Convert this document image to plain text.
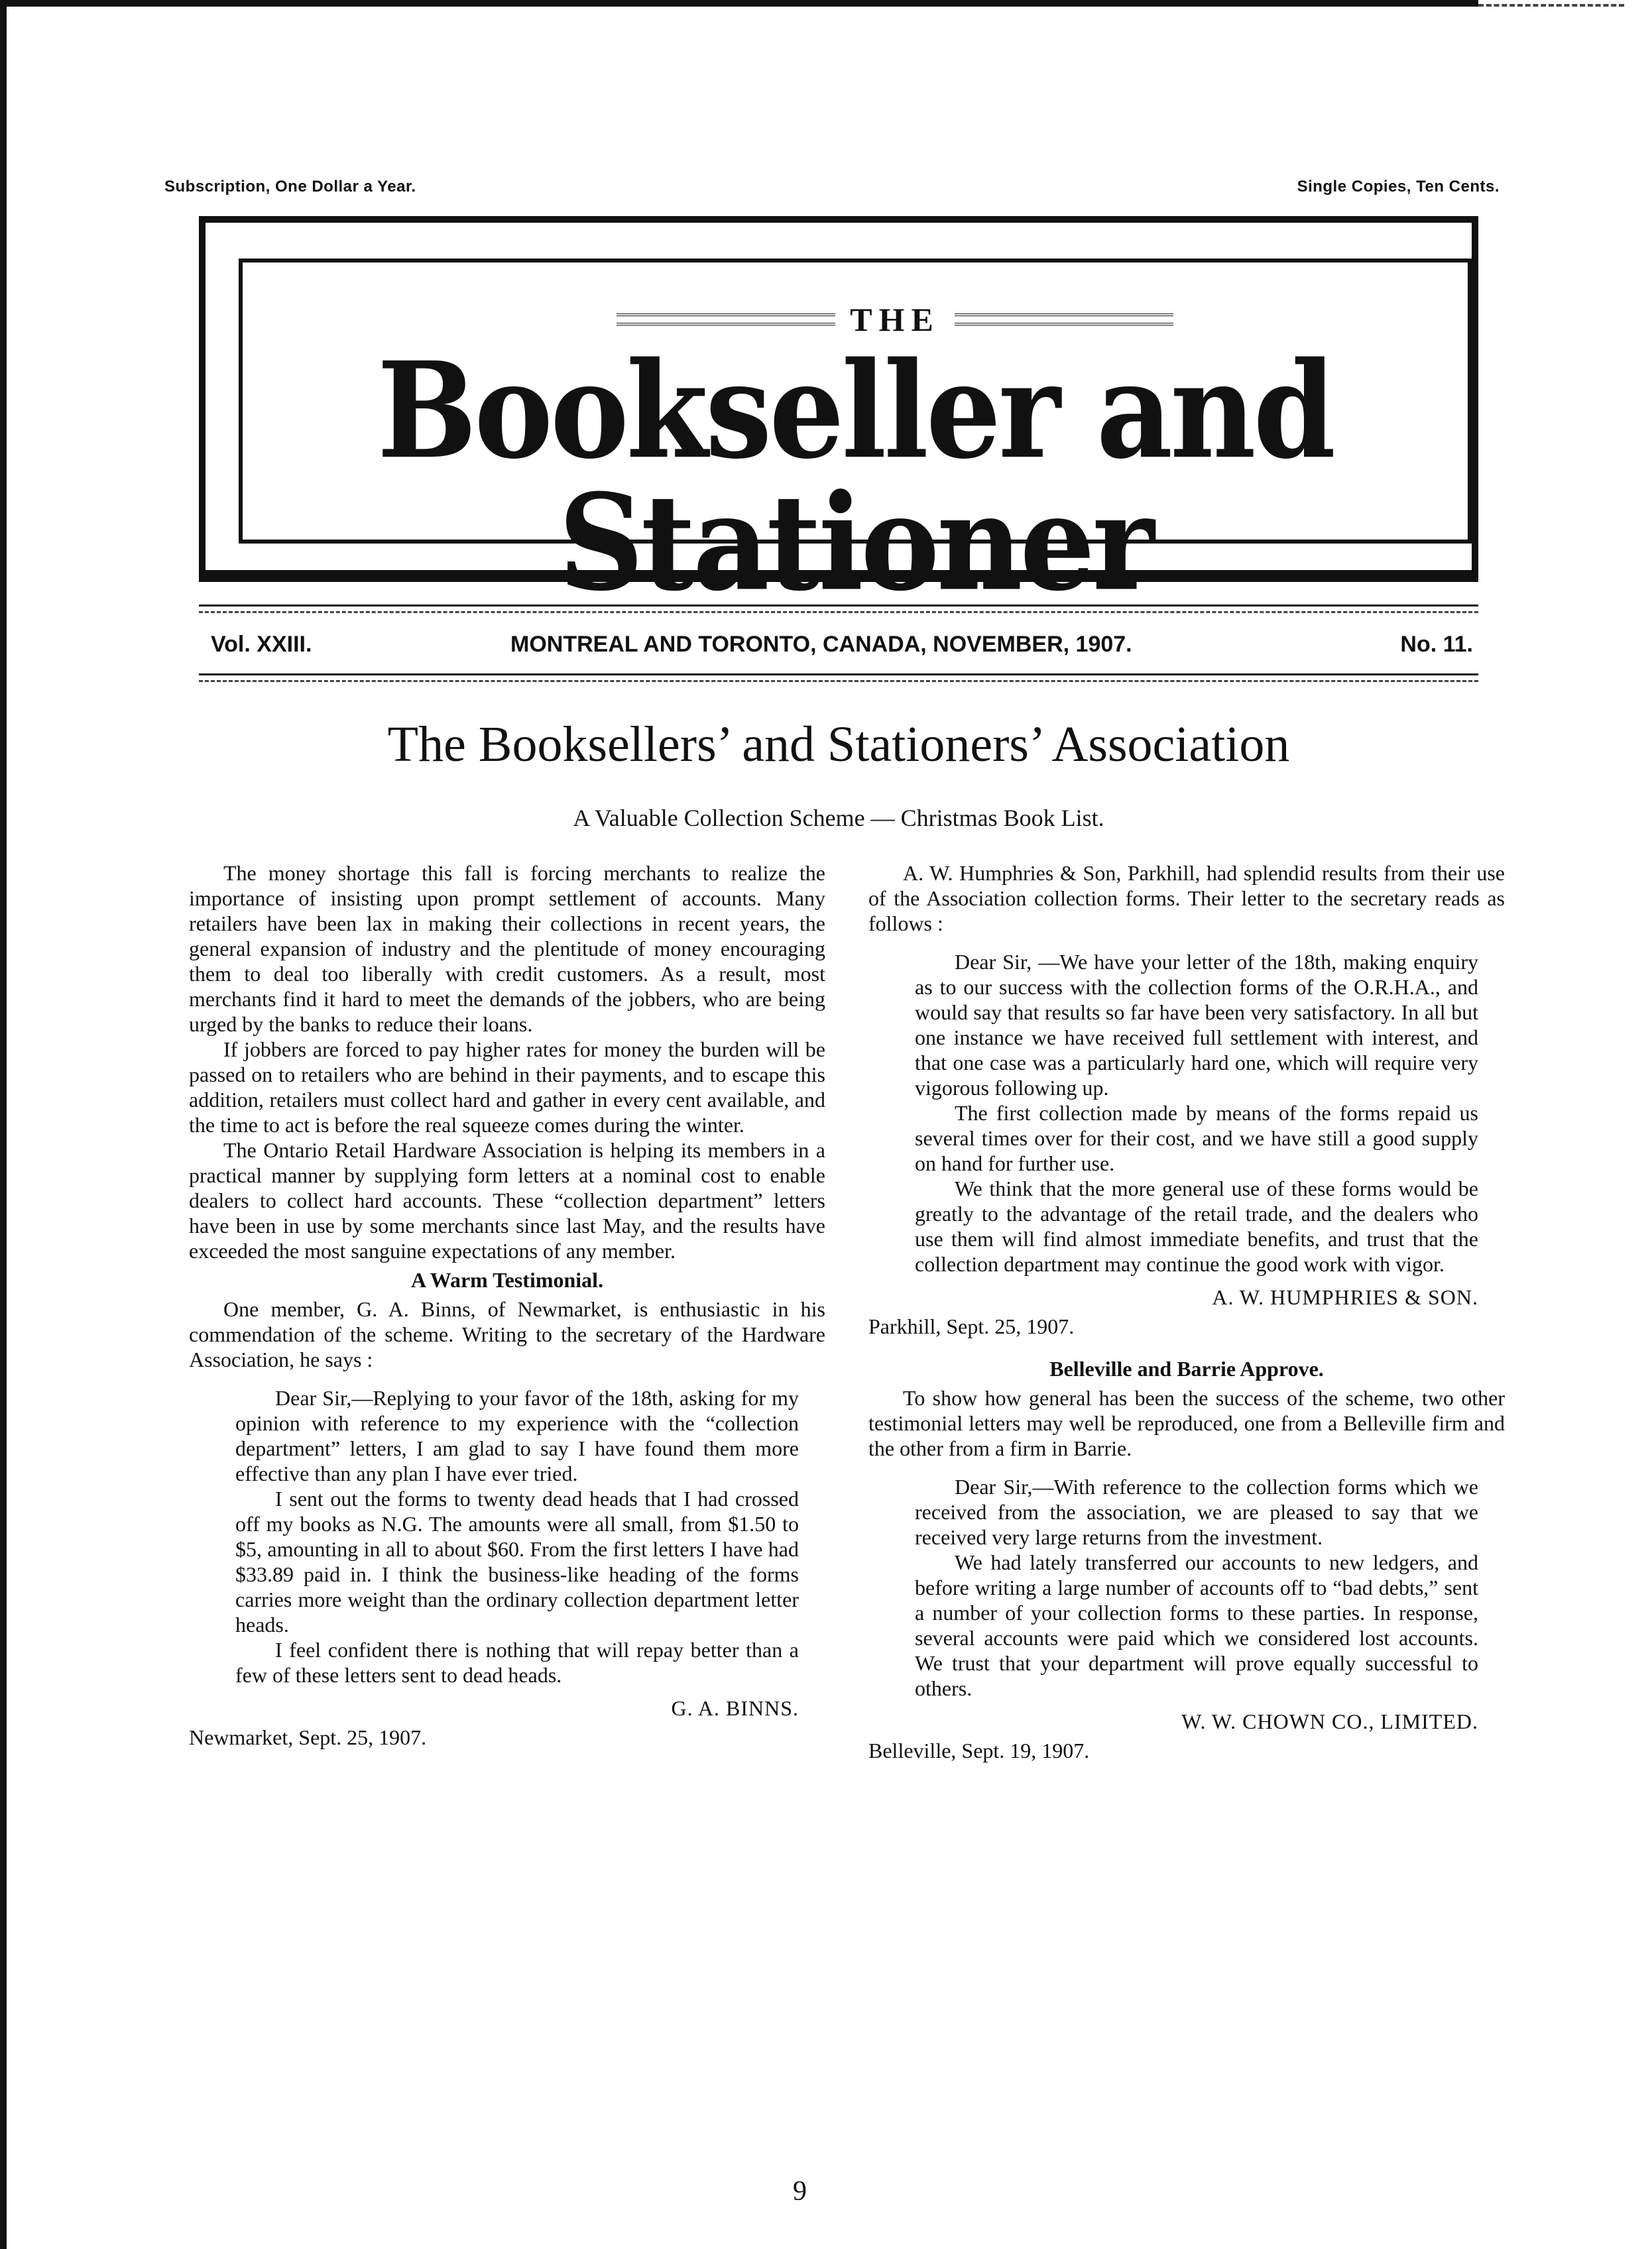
Subscription, One Dollar a Year.	Single Copies, Ten Cents.
THE
Bookseller and Stationer
Vol. XXIII.	MONTREAL AND TORONTO, CANADA, NOVEMBER, 1907.	No. 11.
The Booksellers’ and Stationers’ Association
A Valuable Collection Scheme — Christmas Book List.

The money shortage this fall is forcing merchants to realize the importance of insisting upon prompt settlement of accounts. Many retailers have been lax in making their collections in recent years, the general expansion of industry and the plentitude of money encouraging them to deal too liberally with credit customers. As a result, most merchants find it hard to meet the demands of the jobbers, who are being urged by the banks to reduce their loans.

If jobbers are forced to pay higher rates for money the burden will be passed on to retailers who are behind in their payments, and to escape this addition, retailers must collect hard and gather in every cent available, and the time to act is before the real squeeze comes during the winter.

The Ontario Retail Hardware Association is helping its members in a practical manner by supplying form letters at a nominal cost to enable dealers to collect hard accounts. These “collection department” letters have been in use by some merchants since last May, and the results have exceeded the most sanguine expectations of any member.

A Warm Testimonial.

One member, G. A. Binns, of Newmarket, is enthusiastic in his commendation of the scheme. Writing to the secretary of the Hardware Association, he says :

Dear Sir,—Replying to your favor of the 18th, asking for my opinion with reference to my experience with the “collection department” letters, I am glad to say I have found them more effective than any plan I have ever tried.

I sent out the forms to twenty dead heads that I had crossed off my books as N.G. The amounts were all small, from $1.50 to $5, amounting in all to about $60. From the first letters I have had $33.89 paid in. I think the business-like heading of the forms carries more weight than the ordinary collection department letter heads.

I feel confident there is nothing that will repay better than a few of these letters sent to dead heads.

G. A. BINNS.

Newmarket, Sept. 25, 1907.

A. W. Humphries & Son, Parkhill, had splendid results from their use of the Association collection forms. Their letter to the secretary reads as follows :

Dear Sir, —We have your letter of the 18th, making enquiry as to our success with the collection forms of the O.R.H.A., and would say that results so far have been very satisfactory. In all but one instance we have received full settlement with interest, and that one case was a particularly hard one, which will require very vigorous following up.

The first collection made by means of the forms repaid us several times over for their cost, and we have still a good supply on hand for further use.

We think that the more general use of these forms would be greatly to the advantage of the retail trade, and the dealers who use them will find almost immediate benefits, and trust that the collection department may continue the good work with vigor.

A. W. HUMPHRIES & SON.

Parkhill, Sept. 25, 1907.

Belleville and Barrie Approve.

To show how general has been the success of the scheme, two other testimonial letters may well be reproduced, one from a Belleville firm and the other from a firm in Barrie.

Dear Sir,—With reference to the collection forms which we received from the association, we are pleased to say that we received very large returns from the investment.

We had lately transferred our accounts to new ledgers, and before writing a large number of accounts off to “bad debts,” sent a number of your collection forms to these parties. In response, several accounts were paid which we considered lost accounts. We trust that your department will prove equally successful to others.

W. W. CHOWN CO., LIMITED.

Belleville, Sept. 19, 1907.

9
